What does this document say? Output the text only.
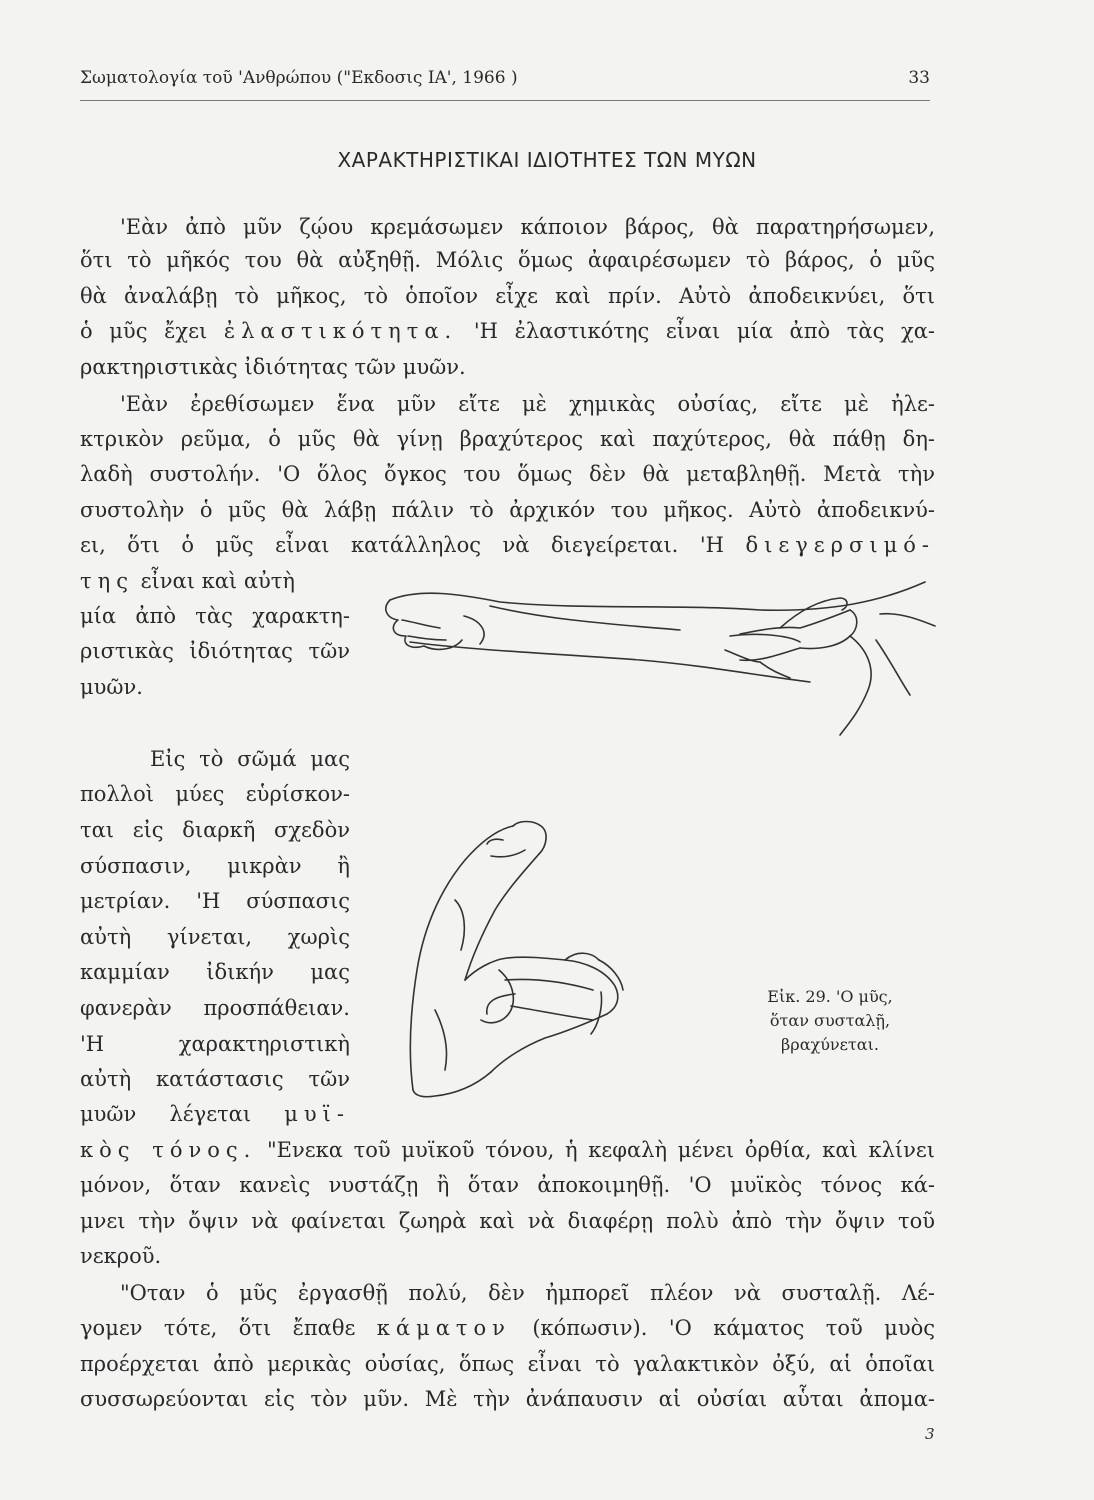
Σωματολογία τοῦ 'Ανθρώπου ("Εκδοσις ΙΑ', 1966 )	33
ΧΑΡΑΚΤΗΡΙΣΤΙΚΑΙ ΙΔΙΟΤΗΤΕΣ ΤΩΝ ΜΥΩΝ
'Εὰν ἀπὸ μῦν ζῴου κρεμάσωμεν κάποιον βάρος, θὰ παρατηρήσωμεν,
ὅτι τὸ μῆκός του θὰ αὐξηθῇ. Μόλις ὅμως ἀφαιρέσωμεν τὸ βάρος, ὁ μῦς
θὰ ἀναλάβῃ τὸ μῆκος, τὸ ὁποῖον εἶχε καὶ πρίν. Αὐτὸ ἀποδεικνύει, ὅτι
ὁ μῦς ἔχει ἐλαστικότητα. 'Η ἐλαστικότης εἶναι μία ἀπὸ τὰς χα-
ρακτηριστικὰς ἰδιότητας τῶν μυῶν.
'Εὰν ἐρεθίσωμεν ἕνα μῦν εἴτε μὲ χημικὰς οὐσίας, εἴτε μὲ ἠλε-
κτρικὸν ρεῦμα, ὁ μῦς θὰ γίνῃ βραχύτερος καὶ παχύτερος, θὰ πάθῃ δη-
λαδὴ συστολήν. 'Ο ὅλος ὄγκος του ὅμως δὲν θὰ μεταβληθῇ. Μετὰ τὴν
συστολὴν ὁ μῦς θὰ λάβῃ πάλιν τὸ ἀρχικόν του μῆκος. Αὐτὸ ἀποδεικνύ-
ει, ὅτι ὁ μῦς εἶναι κατάλληλος νὰ διεγείρεται. 'Η διεγερσιμό-
της εἶναι καὶ αὐτὴ
μία ἀπὸ τὰς χαρακτη-
ριστικὰς ἰδιότητας τῶν
μυῶν.
Εἰς τὸ σῶμά μας
πολλοὶ μύες εὑρίσκον-
ται εἰς διαρκῆ σχεδὸν
σύσπασιν, μικρὰν ἢ
μετρίαν. 'Η σύσπασις
αὐτὴ γίνεται, χωρὶς
καμμίαν ἰδικήν μας
φανερὰν προσπάθειαν.
'Η χαρακτηριστικὴ
αὐτὴ κατάστασις τῶν
μυῶν λέγεται μυϊ-
κὸς τόνος. "Ενεκα τοῦ μυϊκοῦ τόνου, ἡ κεφαλὴ μένει ὀρθία, καὶ κλίνει
μόνον, ὅταν κανεὶς νυστάζῃ ἢ ὅταν ἀποκοιμηθῇ. 'Ο μυϊκὸς τόνος κά-
μνει τὴν ὄψιν νὰ φαίνεται ζωηρὰ καὶ νὰ διαφέρῃ πολὺ ἀπὸ τὴν ὄψιν τοῦ
νεκροῦ.
"Οταν ὁ μῦς ἐργασθῇ πολύ, δὲν ἠμπορεῖ πλέον νὰ συσταλῇ. Λέ-
γομεν τότε, ὅτι ἔπαθε κάματον (κόπωσιν). 'Ο κάματος τοῦ μυὸς
προέρχεται ἀπὸ μερικὰς οὐσίας, ὅπως εἶναι τὸ γαλακτικὸν ὀξύ, αἱ ὁποῖαι
συσσωρεύονται εἰς τὸν μῦν. Μὲ τὴν ἀνάπαυσιν αἱ οὐσίαι αὗται ἀπομα-
Εἰκ. 29. 'Ο μῦς,
ὅταν συσταλῇ,
βραχύνεται.
3
